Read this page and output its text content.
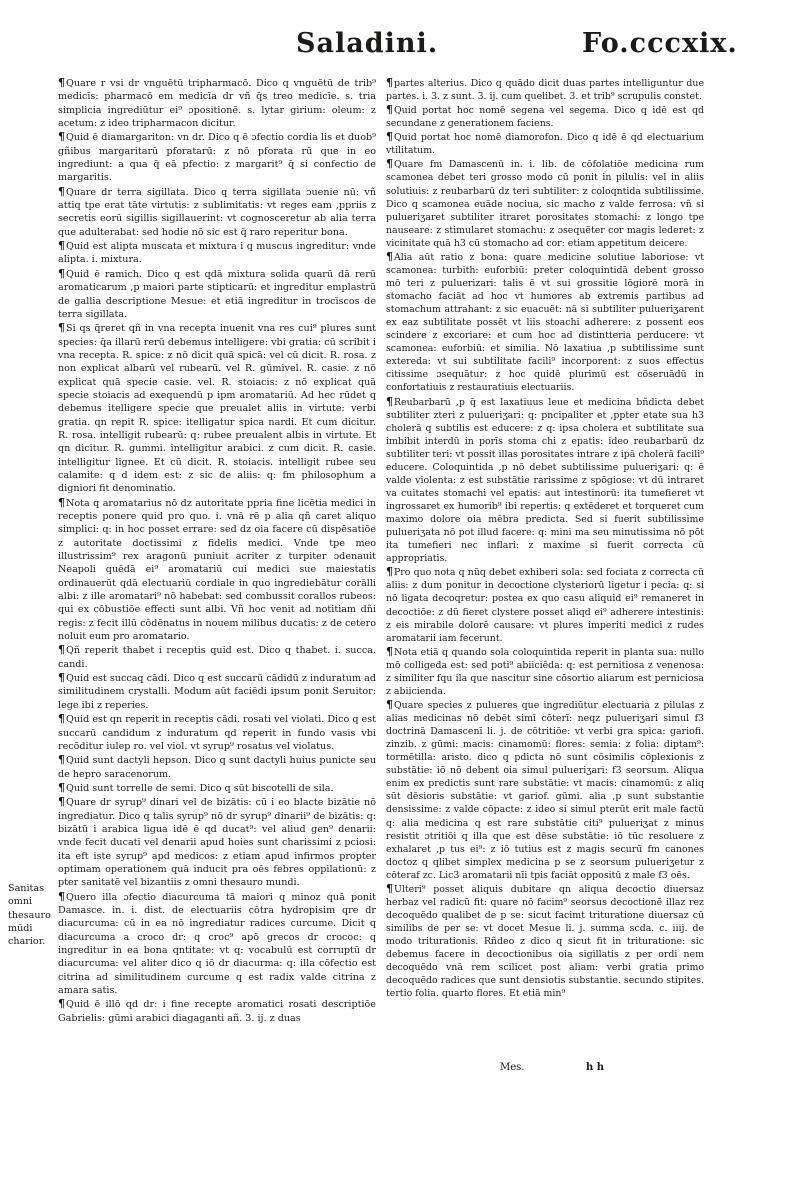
Saladini.	Fo.cccxix.
Sanitas omni thesauro mūdi charior.

¶Quare r vsi dr vnguētū tripharmacō. Dico q vnguētū de trib⁹ medicīs: pharmacō em medicīa dr vñ q̄s treo medicīe. s. tria simplicia ingrediūtur ei⁹ ɔpositionē. s. lytar girium: oleum: z acetum: z ideo tripharmacon dicitur.

¶Quid ē diamargariton: vn dr. Dico q ē ɔfectio cordia lis et duob⁹ gñibus margaritarū pforatarū: z nō pforata rū que in eo ingrediunt: a qua q̄ eā pfectio: z margarit⁹ q̄ si confectio de margaritis.

¶Quare dr terra sigillata. Dico q terra sigillata ɔuenie nū: vñ attiq tpe erat tāte virtutis: z sublimitatis: vt reges eam ,ppriis z secretis eorū sigillis sigillauerint: vt cognosceretur ab alia terra que adulterabat: sed hodie nō sic est q̄ raro reperitur bona.

¶Quid est alipta muscata et mixtura i q muscus ingreditur: vnde alipta. i. mixtura.

¶Quid ē ramich. Dico q est qdā mixtura solida quarū dā rerū aromaticarum ,p maiori parte stipticarū: et ingreditur emplastrū de gallia descriptione Mesue: et etiā ingreditur in trocīscos de terra sigillata.

¶Si qs q̄reret qñ in vna recepta inuenit vna res cui⁹ plures sunt species: q̄a illarū rerū debemus intelligere: vbi gratia: cū scribit i vna recepta. R. spice: z nō dicit quā spicā: vel cū dicit. R. rosa. z non explicat albarū vel rubearū. vel R. gūmivel. R. casie. z nō explicat quā specie casie. vel. R. stoiacis: z nō explicat quā specie stoiacis ad exequendū p ipm aromatariū. Ad hec rūdet q debemus itelligere specie que preualet aliis in virtute: verbi gratia. qn repit R. spice: itelligatur spica nardi. Et cum dicitur. R. rosa. intelligit rubearū: q: rubee preualent albis in virtute. Et qn dicitur. R. gummi. intelligitur arabici. z cum dicit. R. casie. intelligitur lignee. Et cū dicit. R. stoiacis. intelligit rubee seu calamite: q d idem est: z sic de aliis: q: fm philosophum a digniori fit denominatio.

¶Nota q aromatarius nō dz autoritate ppria fine licētia medici in receptis ponere quid pro quo. i. vnā rē p alia qñ caret aliquo simplici: q: in hoc posset errare: sed dz oia facere cū dispēsatiōe z autoritate doctissimi z fidelis medici. Vnde tpe meo illustrissim⁹ rex aragonū puniuit acriter z turpiter ɔdenauit Neapoli quēdā ei⁹ aromatariū cui medici sue maiestatis ordinauerūt qdā electuariū cordiale in quo ingrediebātur corālli albi: z ille aromatari⁹ nō habebat: sed combussit corallos rubeos: qui ex cōbustiōe effecti sunt albi. Vñ hoc venit ad notitiam dñi regis: z fecit illū cōdēnatus in nouem milibus ducatis: z de cetero noluit eum pro aromatario.

¶Qñ reperit thabet i receptis quid est. Dico q thabet. i. succa. candi.

¶Quid est succaq cādi. Dico q est succarū cādidū z induratum ad similitudinem crystalli. Modum aūt faciēdi ipsum ponit Seruitor: lege ibi z reperies.

¶Quid est qn reperit in receptis cādi. rosati vel violati. Dico q est succarū candidum z induratum qd reperit in fundo vasis vbi recōditur iulep ro. vel viol. vt syrup⁹ rosatus vel violatus.

¶Quid sunt dactyli hepson. Dico q sunt dactyli huius punicte seu de hepro saracenorum.

¶Quid sunt torrelle de semi. Dico q sūt biscotelli de sila.

¶Quare dr syrup⁹ dinari vel de bizātis: cū i eo blacte bizātie nō ingrediatur. Dico q talis syrup⁹ nō dr syrup⁹ dinarii⁹ de bizātis: q: bizātū i arabica ligua idē ē qd ducat⁹: vel aliud gen⁹ denarii: vnde fecit ducati vel denarii apud hoies sunt charissimi z pciosi: ita eft iste syrup⁹ apd medicos: z etiam apud infirmos propter optimam operationem quā inducit pra oēs febres oppilationū: z pter sanitatē vel bizantiis z omni thesauro mundi.

¶Quero illa ɔfectio diacurcuma tā maiori q minoz quā ponit Damasce. in. i. dist. de electuariis cōtra hydropisim qre dr diacurcuma: cū in ea nō ingrediatur radices curcume. Dicit q diacurcuma a croco dr: q croc⁹ apō grecos dr crococ: q ingreditur in ea bona qntitate: vt q: vocabulū est corruptū dr diacurcuma: vel aliter dico q iō dr diacurma: q: illa cōfectio est citrina ad similitudinem curcume q est radix valde citrina z amara satis.

¶Quid ē illō qd dr: i fine recepte aromatici rosati descriptiōe Gabrielis: gūmi arabici diagaganti añ. 3. ij. z duas

¶partes alterius. Dico q quādo dicit duas partes intelliguntur due partes. i. 3. z sunt. 3. ij. cum quelibet. 3. et trib⁹ scrupulis constet.

¶Quid portat hoc nomē segena vel segema. Dico q idē est qd secundane z generationem faciens.

¶Quid portat hoc nomē diamorofon. Dico q idē ē qd electuarium vtilitatum.

¶Quare fm Damascenū in. i. lib. de cōfolatiōe medicina rum scamonea debet teri grosso modo cū ponit in pilulis: vel in aliis solutiuis: z reubarbarū dz teri subtiliter: z coloqntida subtilissime. Dico q scamonea euāde nociua, sic macho z valde ferrosa: vñ si pulueriʒaret subtiliter itraret porositates stomachi: z longo tpe nauseare: z stimularet stomachu: z ɔsequēter cor magis lederet: z vicinitate quā h3 cū stomacho ad cor: etiam appetitum deicere.

¶Alia aūt ratio z bona: quare medicine solutiue laboriose: vt scamonea: turbith: euforbiū: preter coloquintidā debent grosso mō teri z puluerizari: talis ē vt sui grossitie lōgiorē morā in stomacho faciāt ad hoc vt humores ab extremis partibus ad stomachum attrahant: z sic euacuēt: nā si subtiliter pulueriʒarent ex eaz subtilitate possēt vt liis stoachi adherere: z possent eos scindere z excoriare: et cum hoc ad distintteria perducere: vt scamonea: euforbiū: et similia. Nō laxatiua ,p subtilissime sunt extereda: vt sui subtilitate facili⁹ incorporent: z suos effectus citissime ɔsequātur: z hoc quidē plurimū est cōseruādū in confortatiuis z restauratiuis electuariis.

¶Reubarbarū ,p q̄ est laxatiuus leue et medicina bñdicta debet subtiliter zteri z pulueriʒari: q: pncipaliter et ,ppter etate sua h3 cholerā q subtilis est educere: z q: ipsa cholera et subtilitate sua imbibit interdū in porīs stoma chi z epatis: ideo reubarbarū dz subtiliter teri: vt possit illas porositates intrare z ipā cholerā facili⁹ educere. Coloquintida ,p nō debet subtilissime pulueriʒari: q: ē valde violenta: z est substātie rarissime z spōgiose: vt dū intraret va cuitates stomachi vel epatis: aut intestinorū: ita tumefieret vt ingrossaret ex humorib⁹ ibi repertis: q extēderet et torqueret cum maximo dolore oia mēbra predicta. Sed si fuerit subtilissime pulueriʒata nō pot illud facere: q: mini ma seu minutissima nō pōt ita tumefieri nec inflari: z maxime si fuerit correcta cū appropriatis.

¶Pro quo nota q nūq debet exhiberi sola: sed fociata z correcta cū aliis: z dum ponitur in decoctione clysteriorū ligetur i pecia: q: si nō ligata decoqretur: postea ex quo casu aliquid ei⁹ remaneret in decoctiōe: z dū fieret clystere posset aliqd ei⁹ adherere intestinis: z eis mirabile dolorē causare: vt plures imperiti medici z rudes aromatarii iam fecerunt.

¶Nota etiā q quando sola coloquintida reperit in planta sua: nullo mō colligeda est: sed poti⁹ abiiciēda: q: est pernitiosa z venenosa: z similiter fqu ila que nascitur sine cōsortio aliarum est perniciosa z abiicienda.

¶Quare species z pulueres que ingrediūtur electuaria z pilulas z alias medicinas nō debēt simī cōterī: neqz pulueriʒari simul f3 doctrinā Damascenī li. j. de cōtritiōe: vt verbi gra spica: gariofi. zinzib. z gūmi: macis: cinamomū: flores: semia: z folia: diptam⁹: tormētilla: aristo. dico q pdicta nō sunt cōsimilis cōplexionis z substātie: iō nō debent oia simul pulueriʒari: f3 seorsum. Aliqua enim ex predictis sunt rare substātie: vt macis: cinamomū: z aliq sūt dēsioris substātie: vt gariof. gūmi. alia ,p sunt substantie densissime: z valde cōpacte: z ideo si simul pterūt erit male factū q: alia medicina q est rare substātie citi⁹ pulueriʒat z minus resistit ɔtritiōi q illa que est dēse substātie: iō tūc resoluere z exhalaret ,p tus ei⁹: z iō tutius est z magis securū fm canones doctoz q qlibet simplex medicina p se z seorsum pulueriʒetur z cōteraf zc. Lic3 aromatarii nīi tpis faciāt oppositū z male f3 oēs.

¶Ulteri⁹ posset aliquis dubitare qn aliqua decoctio diuersaz herbaz vel radicū fit: quare nō facim⁹ seorsus decoctionē illaz rez decoquēdo qualibet de p se: sicut facimt trituratione diuersaz cū similibs de per se: vt docet Mesue li. j. summa scda. c. iiij. de modo triturationis. Rñdeo z dico q sicut fit in trituratione: sic debemus facere in decoctionibus oia sigillatis z per ordi nem decoquēdo vnā rem scilicet post aliam: verbi gratia primo decoquēdo radices que sunt densiotis substantie. secundo stipites. tertio folia. quarto flores. Et etiā min⁹

Mes.	h h
